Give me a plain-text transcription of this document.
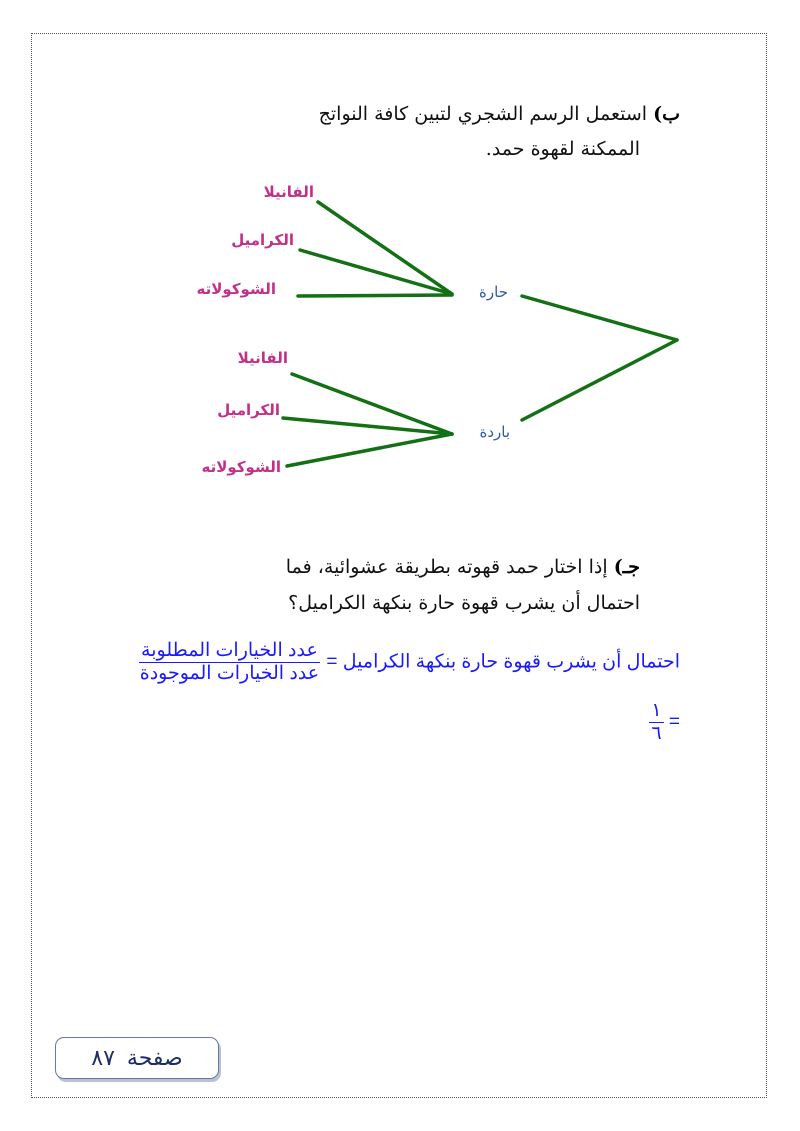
ب) استعمل الرسم الشجري لتبين كافة النواتج
الممكنة لقهوة حمد.
حارة
باردة
الفانيلا
الكراميل
الشوكولاته
الفانيلا
الكراميل
الشوكولاته
جـ) إذا اختار حمد قهوته بطريقة عشوائية، فما
احتمال أن يشرب قهوة حارة بنكهة الكراميل؟
احتمال أن يشرب قهوة حارة بنكهة الكراميل =
$\frac{\text{عدد الخيارات المطلوبة}}{\text{عدد الخيارات الموجودة}}$
=
$\frac{١}{٦}$
صفحة
٨٧
